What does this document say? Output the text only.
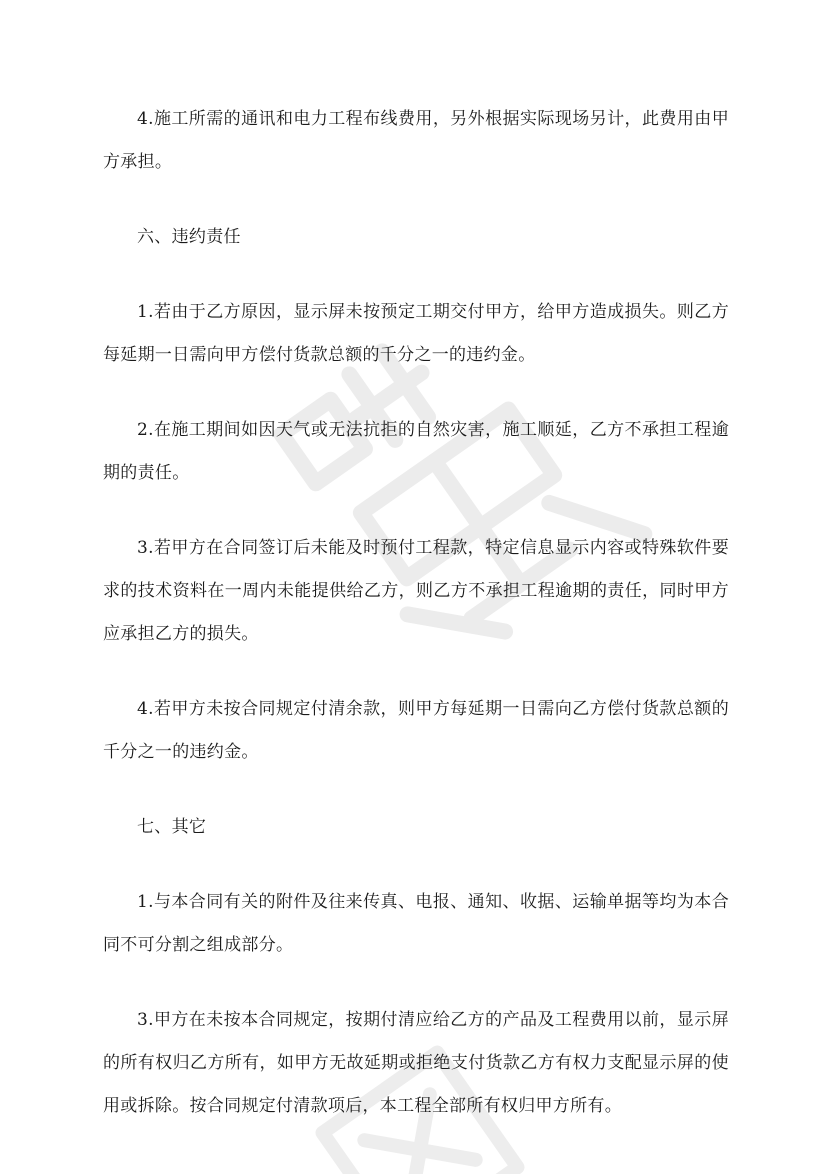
4.施工所需的通讯和电力工程布线费用，另外根据实际现场另计，此费用由甲方承担。

六、违约责任

1.若由于乙方原因，显示屏未按预定工期交付甲方，给甲方造成损失。则乙方每延期一日需向甲方偿付货款总额的千分之一的违约金。

2.在施工期间如因天气或无法抗拒的自然灾害，施工顺延，乙方不承担工程逾期的责任。

3.若甲方在合同签订后未能及时预付工程款，特定信息显示内容或特殊软件要求的技术资料在一周内未能提供给乙方，则乙方不承担工程逾期的责任，同时甲方应承担乙方的损失。

4.若甲方未按合同规定付清余款，则甲方每延期一日需向乙方偿付货款总额的千分之一的违约金。

七、其它

1.与本合同有关的附件及往来传真、电报、通知、收据、运输单据等均为本合同不可分割之组成部分。

3.甲方在未按本合同规定，按期付清应给乙方的产品及工程费用以前，显示屏的所有权归乙方所有，如甲方无故延期或拒绝支付货款乙方有权力支配显示屏的使用或拆除。按合同规定付清款项后，本工程全部所有权归甲方所有。
